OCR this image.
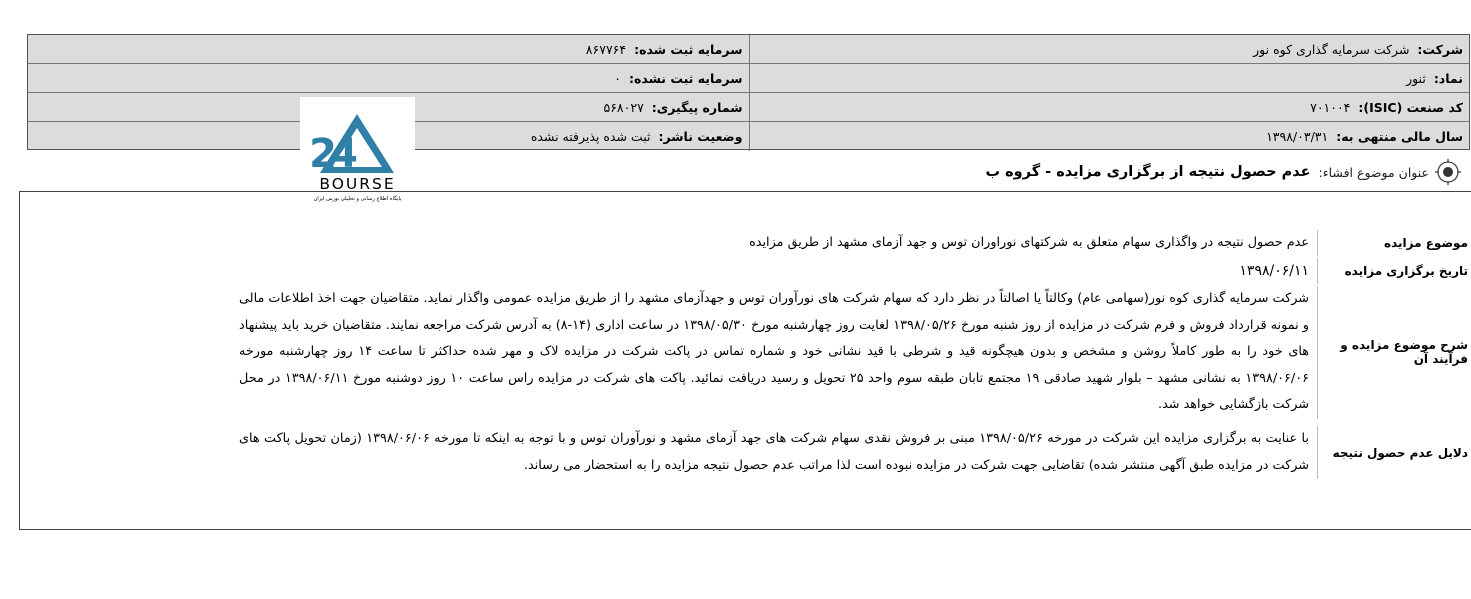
شرکت:
شرکت سرمایه گذاری کوه نور
سرمایه ثبت شده:
۸۶۷۷۶۴
نماد:
ثنور
سرمایه ثبت نشده:
۰
کد صنعت (ISIC):
۷۰۱۰۰۴
شماره پیگیری:
۵۶۸۰۲۷
سال مالی منتهی به:
۱۳۹۸/۰۳/۳۱
وضعیت ناشر:
ثبت شده پذیرفته نشده
2
4
BOURSE
پایگاه اطلاع رسانی و تحلیلی بورس ایران
عنوان موضوع افشاء:
عدم حصول نتیجه از برگزاری مزایده - گروه ب
موضوع مزایده
عدم حصول نتیجه در واگذاری سهام متعلق به شرکتهای نوراوران توس و جهد آزمای مشهد از طریق مزایده
تاریخ برگزاری مزایده
۱۳۹۸/۰۶/۱۱
شرح موضوع مزایده و فرآیند آن
شرکت سرمایه گذاری کوه نور(سهامی عام) وکالتاً یا اصالتاً در نظر دارد که سهام شرکت های نورآوران توس و جهدآزمای مشهد را از طریق مزایده عمومی واگذار نماید. متقاضیان جهت اخذ اطلاعات مالی و نمونه قرارداد فروش و فرم شرکت در مزایده از روز شنبه مورخ ۱۳۹۸/۰۵/۲۶ لغایت روز چهارشنبه مورخ ۱۳۹۸/۰۵/۳۰ در ساعت اداری (۱۴-۸) به آدرس شرکت مراجعه نمایند. متقاضیان خرید باید پیشنهاد های خود را به طور کاملاً روشن و مشخص و بدون هیچگونه قید و شرطی با قید نشانی خود و شماره تماس در پاکت شرکت در مزایده لاک و مهر شده حداکثر تا ساعت ۱۴ روز چهارشنبه مورخه ۱۳۹۸/۰۶/۰۶ به نشانی مشهد – بلوار شهید صادقی ۱۹ مجتمع تابان طبقه سوم واحد ۲۵ تحویل و رسید دریافت نمائید. پاکت های شرکت در مزایده راس ساعت ۱۰ روز دوشنبه مورخ ۱۳۹۸/۰۶/۱۱ در محل شرکت بازگشایی خواهد شد.
دلایل عدم حصول نتیجه
با عنایت به برگزاری مزایده این شرکت در مورخه ۱۳۹۸/۰۵/۲۶ مبنی بر فروش نقدی سهام شرکت های جهد آزمای مشهد و نورآوران توس و با توجه به اینکه تا مورخه ۱۳۹۸/۰۶/۰۶ (زمان تحویل پاکت های شرکت در مزایده طبق آگهی منتشر شده) تقاضایی جهت شرکت در مزایده نبوده است لذا مراتب عدم حصول نتیجه مزایده را به استحضار می رساند.
